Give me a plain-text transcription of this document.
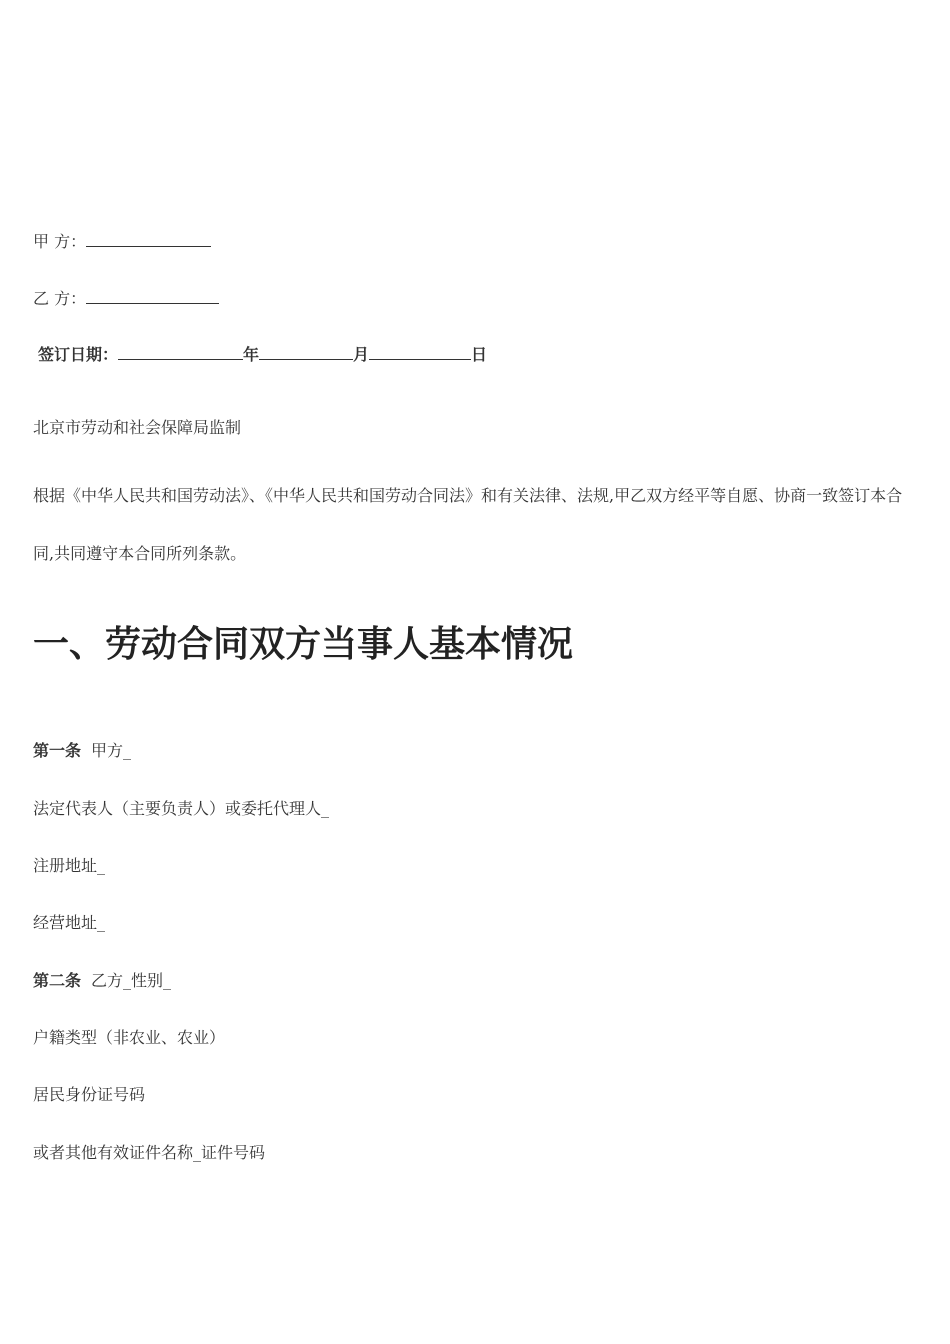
甲 方：
乙 方：
签订日期：	年	月	日
北京市劳动和社会保障局监制
根据《中华人民共和国劳动法》、《中华人民共和国劳动合同法》和有关法律、法规,甲乙双方经平等自愿、协商一致签订本合同,共同遵守本合同所列条款。
一、劳动合同双方当事人基本情况
第一条 甲方_
法定代表人（主要负责人）或委托代理人_
注册地址_
经营地址_
第二条 乙方_性别_
户籍类型（非农业、农业）
居民身份证号码
或者其他有效证件名称_证件号码
